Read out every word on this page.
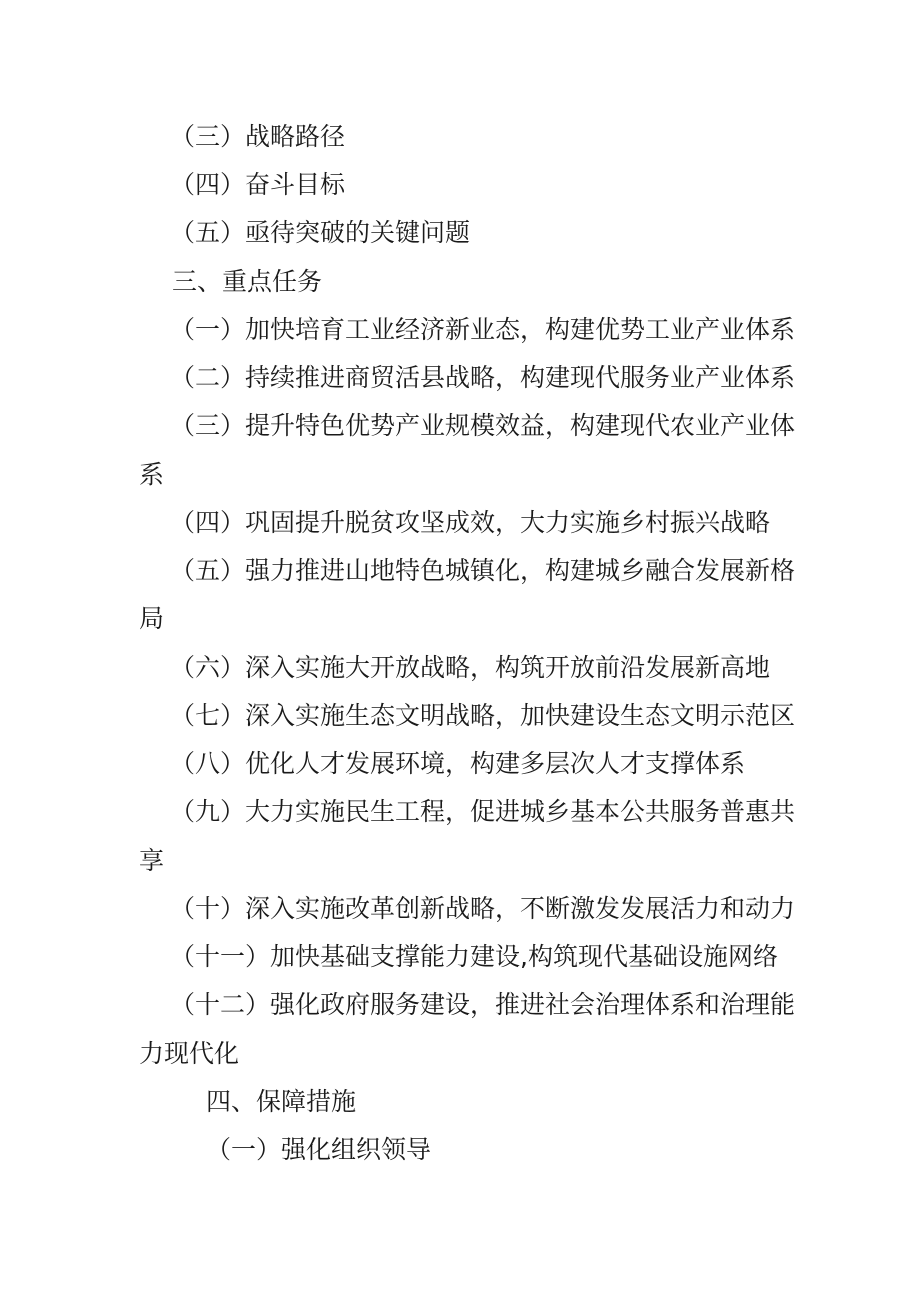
（三）战略路径
（四）奋斗目标
（五）亟待突破的关键问题
三、重点任务
（一）加快培育工业经济新业态，构建优势工业产业体系
（二）持续推进商贸活县战略，构建现代服务业产业体系
（三）提升特色优势产业规模效益，构建现代农业产业体
系
（四）巩固提升脱贫攻坚成效，大力实施乡村振兴战略
（五）强力推进山地特色城镇化，构建城乡融合发展新格
局
（六）深入实施大开放战略，构筑开放前沿发展新高地
（七）深入实施生态文明战略，加快建设生态文明示范区
（八）优化人才发展环境，构建多层次人才支撑体系
（九）大力实施民生工程，促进城乡基本公共服务普惠共
享
（十）深入实施改革创新战略，不断激发发展活力和动力
（十一）加快基础支撑能力建设,构筑现代基础设施网络
（十二）强化政府服务建设，推进社会治理体系和治理能
力现代化
四、保障措施
（一）强化组织领导
